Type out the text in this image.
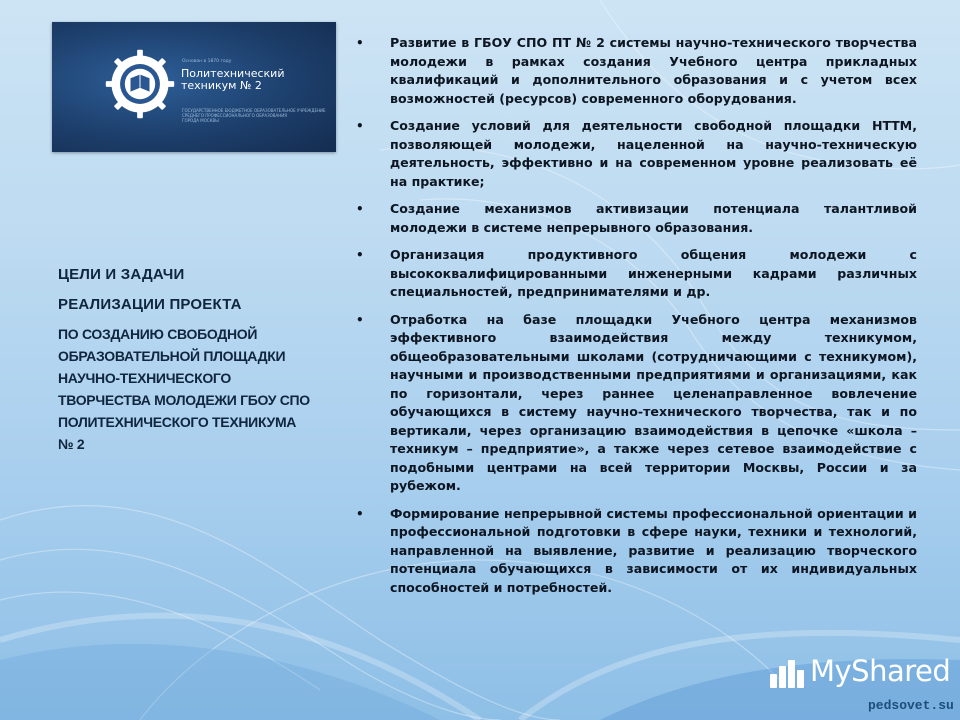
Основан в 1870 году
Политехнический
техникум № 2
ГОСУДАРСТВЕННОЕ БЮДЖЕТНОЕ ОБРАЗОВАТЕЛЬНОЕ УЧРЕЖДЕНИЕ
СРЕДНЕГО ПРОФЕССИОНАЛЬНОГО ОБРАЗОВАНИЯ
ГОРОДА МОСКВЫ
ЦЕЛИ И ЗАДАЧИ
РЕАЛИЗАЦИИ ПРОЕКТА
ПО СОЗДАНИЮ СВОБОДНОЙ
ОБРАЗОВАТЕЛЬНОЙ ПЛОЩАДКИ
НАУЧНО-ТЕХНИЧЕСКОГО
ТВОРЧЕСТВА МОЛОДЕЖИ ГБОУ СПО
ПОЛИТЕХНИЧЕСКОГО ТЕХНИКУМА
№ 2
• Развитие в ГБОУ СПО ПТ № 2 системы научно-технического творчества молодежи в рамках создания Учебного центра прикладных квалификаций и дополнительного образования и с учетом всех возможностей (ресурсов) современного оборудования.
• Создание условий для деятельности свободной площадки НТТМ, позволяющей молодежи, нацеленной на научно-техническую деятельность, эффективно и на современном уровне реализовать её на практике;
• Создание механизмов активизации потенциала талантливой молодежи в системе непрерывного образования.
• Организация продуктивного общения молодежи с высококвалифицированными инженерными кадрами различных специальностей, предпринимателями и др.
• Отработка на базе площадки Учебного центра механизмов эффективного взаимодействия между техникумом, общеобразовательными школами (сотрудничающими с техникумом), научными и производственными предприятиями и организациями, как по горизонтали, через раннее целенаправленное вовлечение обучающихся в систему научно-технического творчества, так и по вертикали, через организацию взаимодействия в цепочке «школа – техникум – предприятие», а также через сетевое взаимодействие с подобными центрами на всей территории Москвы, России и за рубежом.
• Формирование непрерывной системы профессиональной ориентации и профессиональной подготовки в сфере науки, техники и технологий, направленной на выявление, развитие и реализацию творческого потенциала обучающихся в зависимости от их индивидуальных способностей и потребностей.
MyShared
pedsovet.su
